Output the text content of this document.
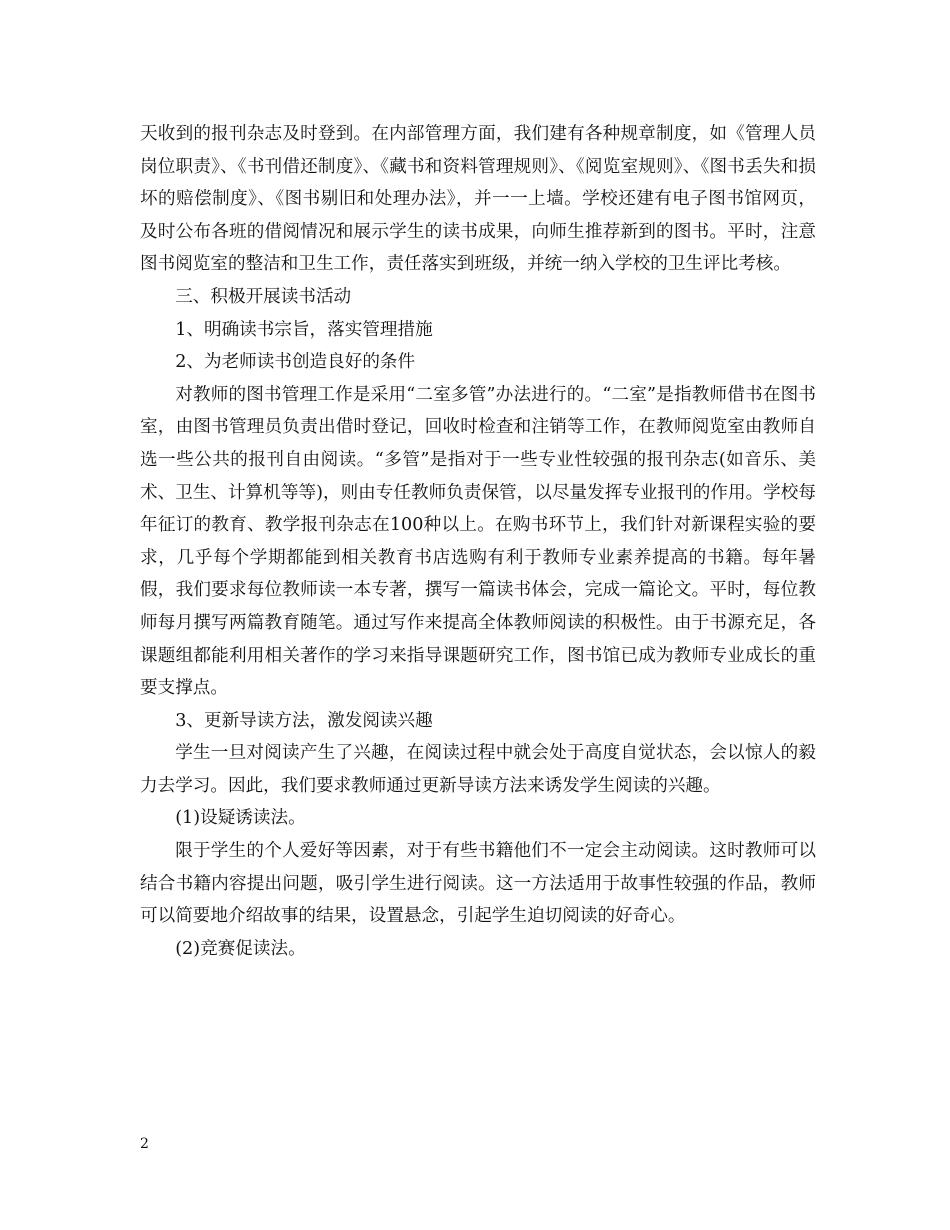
天收到的报刊杂志及时登到。在内部管理方面，我们建有各种规章制度，如《管理人员岗位职责》、《书刊借还制度》、《藏书和资料管理规则》、《阅览室规则》、《图书丢失和损坏的赔偿制度》、《图书剔旧和处理办法》，并一一上墙。学校还建有电子图书馆网页，及时公布各班的借阅情况和展示学生的读书成果，向师生推荐新到的图书。平时，注意图书阅览室的整洁和卫生工作，责任落实到班级，并统一纳入学校的卫生评比考核。

三、积极开展读书活动

1、明确读书宗旨，落实管理措施

2、为老师读书创造良好的条件

对教师的图书管理工作是采用“二室多管”办法进行的。“二室”是指教师借书在图书室，由图书管理员负责出借时登记，回收时检查和注销等工作，在教师阅览室由教师自选一些公共的报刊自由阅读。“多管”是指对于一些专业性较强的报刊杂志(如音乐、美术、卫生、计算机等等)，则由专任教师负责保管，以尽量发挥专业报刊的作用。学校每年征订的教育、教学报刊杂志在100种以上。在购书环节上，我们针对新课程实验的要求，几乎每个学期都能到相关教育书店选购有利于教师专业素养提高的书籍。每年暑假，我们要求每位教师读一本专著，撰写一篇读书体会，完成一篇论文。平时，每位教师每月撰写两篇教育随笔。通过写作来提高全体教师阅读的积极性。由于书源充足，各课题组都能利用相关著作的学习来指导课题研究工作，图书馆已成为教师专业成长的重要支撑点。

3、更新导读方法，激发阅读兴趣

学生一旦对阅读产生了兴趣，在阅读过程中就会处于高度自觉状态，会以惊人的毅力去学习。因此，我们要求教师通过更新导读方法来诱发学生阅读的兴趣。

(1)设疑诱读法。

限于学生的个人爱好等因素，对于有些书籍他们不一定会主动阅读。这时教师可以结合书籍内容提出问题，吸引学生进行阅读。这一方法适用于故事性较强的作品，教师可以简要地介绍故事的结果，设置悬念，引起学生迫切阅读的好奇心。

(2)竞赛促读法。

2
